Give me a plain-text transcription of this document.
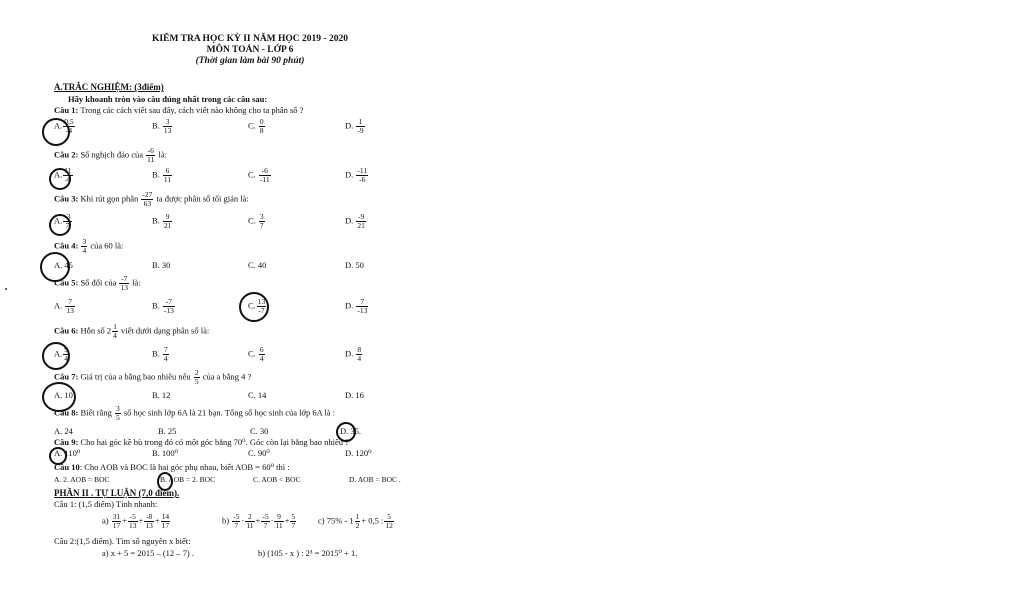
KIỂM TRA HỌC KỲ II NĂM HỌC 2019 - 2020
MÔN TOÁN - LỚP 6
(Thời gian làm bài 90 phút)
A.TRẮC NGHIỆM: (3điểm)
Hãy khoanh tròn vào câu đúng nhất trong các câu sau:
Câu 1: Trong các cách viết sau đây, cách viết nào không cho ta phân số ?
A. $\frac{0,5}{-4}$	B. $\frac{3}{13}$	C. $\frac{0}{8}$	D. $\frac{1}{-9}$
Câu 2: Số nghịch đảo của $\frac{-6}{11}$ là:
A. $\frac{11}{-6}$	B. $\frac{6}{11}$	C. $\frac{-6}{-11}$	D. $\frac{-11}{-6}$
Câu 3: Khi rút gọn phân $\frac{-27}{63}$ ta được phân số tối giản là:
A. $\frac{-3}{7}$	B. $\frac{9}{21}$	C. $\frac{3}{7}$	D. $\frac{-9}{21}$
Câu 4: $\frac{3}{4}$ của 60 là:
A. 45	B. 30	C. 40	D. 50
Câu 5: Số đối của $\frac{-7}{13}$ là:
A. $\frac{7}{13}$	B. $\frac{-7}{-13}$	C. $\frac{13}{-7}$	D. $\frac{7}{-13}$
Câu 6: Hỗn số $2 \frac{1}{4}$ viết dưới dạng phân số là:
A. $\frac{9}{4}$	B. $\frac{7}{4}$	C. $\frac{6}{4}$	D. $\frac{8}{4}$
Câu 7: Giá trị của a bằng bao nhiêu nếu $\frac{2}{5}$ của a bằng 4 ?
A. 10	B. 12	C. 14	D. 16
Câu 8: Biết rằng $\frac{3}{5}$ số học sinh lớp 6A là 21 bạn. Tổng số học sinh của lớp 6A là :
A. 24	B. 25	C. 30	D. 35.
Câu 9: Cho hai góc kề bù trong đó có một góc bằng 70⁰. Góc còn lại bằng bao nhiêu ?
A. 110⁰	B. 100⁰	C. 90⁰	D. 120⁰
Câu 10: Cho AOB và BOC là hai góc phụ nhau, biết AOB = 60⁰ thì :
A. 2. AOB = BOC	B. AOB = 2. BOC	C. AOB < BOC	D. AOB = BOC .
PHẦN II . TỰ LUẬN (7,0 điểm).
Câu 1: (1,5 điểm) Tính nhanh:
$a) \frac{31}{17} + \frac{-5}{13} + \frac{-8}{13} + \frac{14}{17}$	$b) \frac{-5}{7} \cdot \frac{2}{11} + \frac{-5}{7} \cdot \frac{9}{11} + \frac{5}{7}$	c) $75\% - 1 \frac{1}{2} + 0,5$ : $\frac{5}{12}$
Câu 2:(1,5 điểm). Tìm số nguyên x biết:
a) x + 5 = 2015 – (12 – 7) .	b) (105 - x ) : 2³ = 2015⁰ + 1.
